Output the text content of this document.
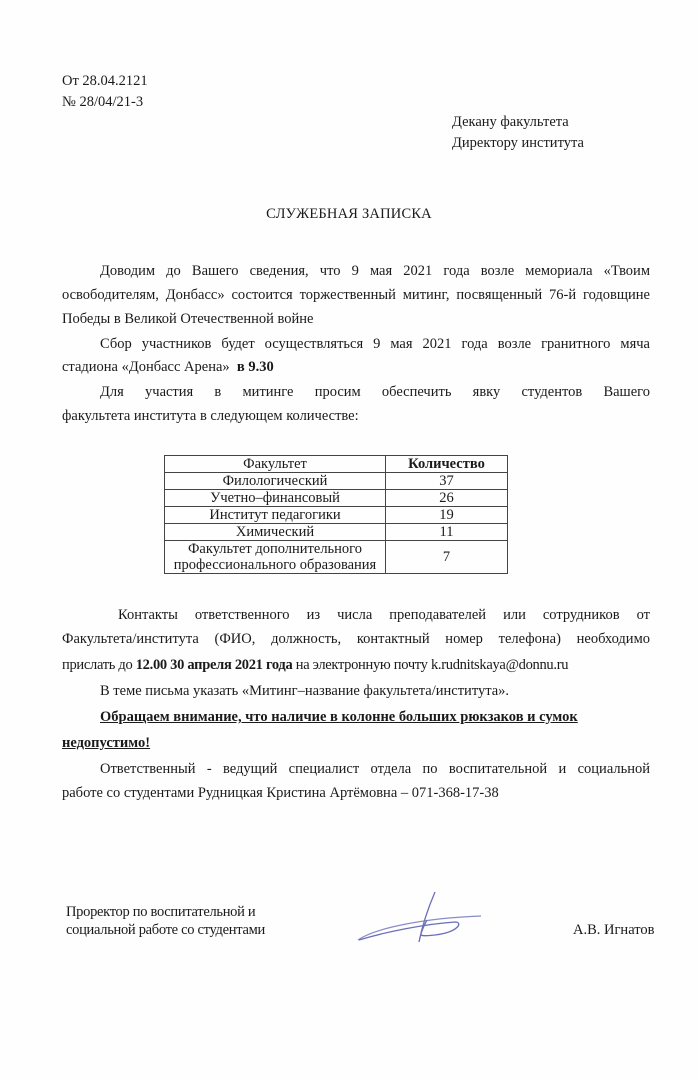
От 28.04.2121
№ 28/04/21-3
Декану факультета
Директору института
СЛУЖЕБНАЯ ЗАПИСКА
Доводим до Вашего сведения, что 9 мая 2021 года возле мемориала «Твоим
освободителям, Донбасс» состоится торжественный митинг, посвященный 76-й годовщине
Победы в Великой Отечественной войне
Сбор участников будет осуществляться 9 мая 2021 года возле гранитного мяча
стадиона «Донбасс Арена» в 9.30
Для участия в митинге просим обеспечить явку студентов Вашего
факультета института в следующем количестве:
Факультет	Количество
Филологический	37
Учетно–финансовый	26
Институт педагогики	19
Химический	11

Факультет дополнительного
профессионального образования	7
Контакты ответственного из числа преподавателей или сотрудников от
Факультета/института (ФИО, должность, контактный номер телефона) необходимо
прислать до 12.00 30 апреля 2021 года на электронную почту k.rudnitskaya@donnu.ru
В теме письма указать «Митинг–название факультета/института».
Обращаем внимание, что наличие в колонне больших рюкзаков и сумок
недопустимо!
Ответственный - ведущий специалист отдела по воспитательной и социальной
работе со студентами Рудницкая Кристина Артёмовна – 071-368-17-38
Проректор по воспитательной и
социальной работе со студентами	А.В. Игнатов
